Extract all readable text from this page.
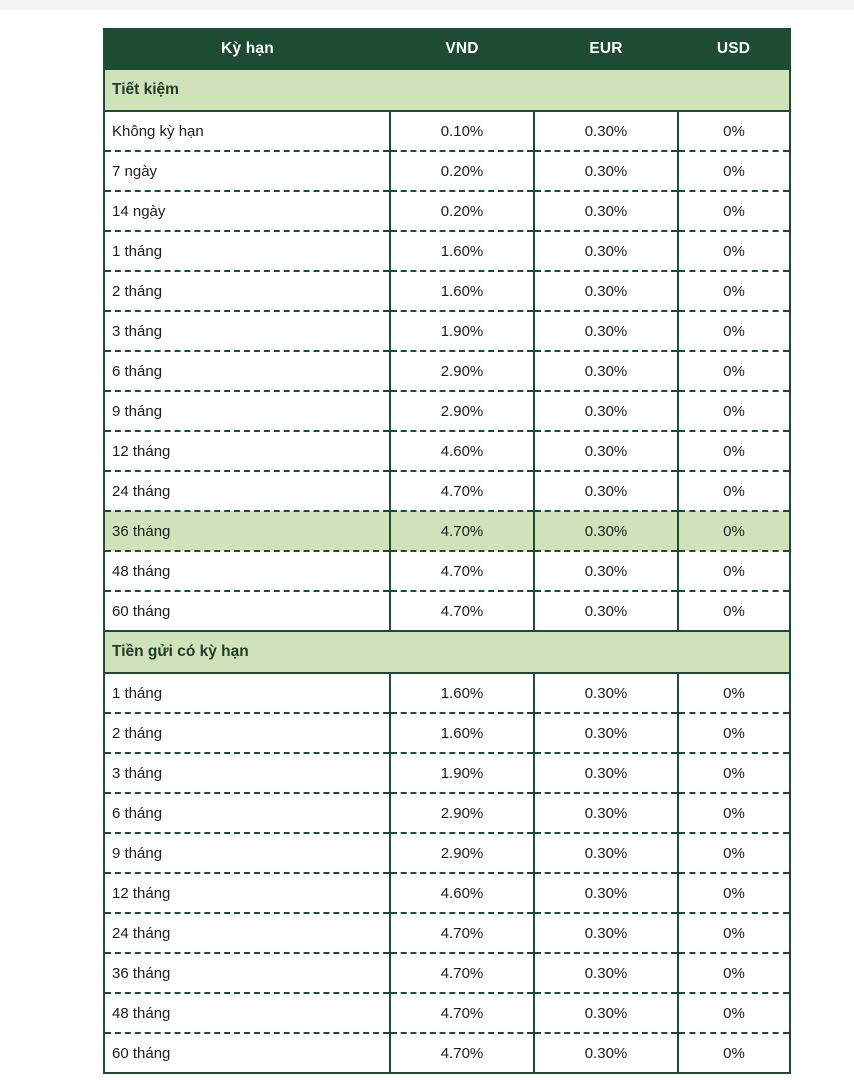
Kỳ hạn	VND	EUR	USD
Tiết kiệm			
Không kỳ hạn	0.10%	0.30%	0%
7 ngày	0.20%	0.30%	0%
14 ngày	0.20%	0.30%	0%
1 tháng	1.60%	0.30%	0%
2 tháng	1.60%	0.30%	0%
3 tháng	1.90%	0.30%	0%
6 tháng	2.90%	0.30%	0%
9 tháng	2.90%	0.30%	0%
12 tháng	4.60%	0.30%	0%
24 tháng	4.70%	0.30%	0%
36 tháng	4.70%	0.30%	0%
48 tháng	4.70%	0.30%	0%
60 tháng	4.70%	0.30%	0%
Tiền gửi có kỳ hạn			
1 tháng	1.60%	0.30%	0%
2 tháng	1.60%	0.30%	0%
3 tháng	1.90%	0.30%	0%
6 tháng	2.90%	0.30%	0%
9 tháng	2.90%	0.30%	0%
12 tháng	4.60%	0.30%	0%
24 tháng	4.70%	0.30%	0%
36 tháng	4.70%	0.30%	0%
48 tháng	4.70%	0.30%	0%
60 tháng	4.70%	0.30%	0%
